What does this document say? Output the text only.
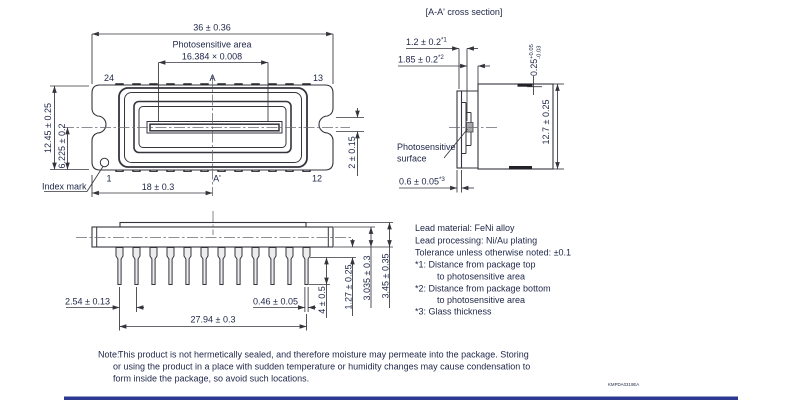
36 ± 0.36
Photosensitive area
16.384 × 0.008
24	13
1	12
A
A'
12.45 ± 0.25 6.225 ± 0.2	2 ± 0.15
Index mark	18 ± 0.3
[A-A' cross section]
Photosensitive
surface
$1.2 \pm 0.2^{*1}$
$1.85 \pm 0.2^{*2}$
$0.25^{+0.05}-0.03$
12.7 ± 0.25
$0.6 \pm 0.05^{*3}$
2.54 ± 0.13	0.46 ± 0.05
27.94 ± 0.3
4 ± 0.5 1.27 ± 0.25 3.035 ± 0.3 3.45 ± 0.35
Lead material: FeNi alloy
Lead processing: Ni/Au plating
Tolerance unless otherwise noted: ±0.1
*1: Distance from package top
to photosensitive area
*2: Distance from package bottom
to photosensitive area
*3: Glass thickness
Note:
This product is not hermetically sealed, and therefore moisture may permeate into the package. Storing
or using the product in a place with sudden temperature or humidity changes may cause condensation to
form inside the package, so avoid such locations.
KMPDA0319EA
